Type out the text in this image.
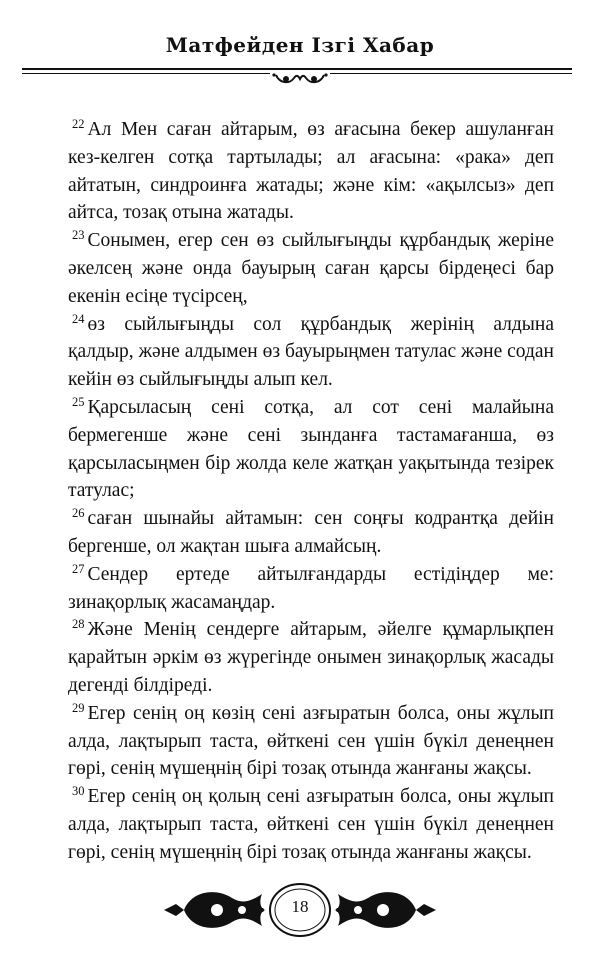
Матфейден Ізгі Хабар
$^{22}$ Ал Мен саған айтарым, өз ағасына бекер ашуланған
кез-келген сотқа тартылады; ал ағасына: «рака» деп
айтатын, синдроинға жатады; және кім: «ақылсыз» деп
айтса, тозақ отына жатады.
$^{23}$ Сонымен, егер сен өз сыйлығыңды құрбандық жеріне
әкелсең және онда бауырың саған қарсы бірдеңесі бар
екенін есіңе түсірсең,
$^{24}$ өз сыйлығыңды сол құрбандық жерінің алдына
қалдыр, және алдымен өз бауырыңмен татулас және содан
кейін өз сыйлығыңды алып кел.
$^{25}$ Қарсыласың сені сотқа, ал сот сені малайына
бермегенше және сені зынданға тастамағанша, өз
қарсыласыңмен бір жолда келе жатқан уақытында тезірек
татулас;
$^{26}$ саған шынайы айтамын: сен соңғы кодрантқа дейін
бергенше, ол жақтан шыға алмайсың.
$^{27}$ Сендер ертеде айтылғандарды естідіңдер ме:
зинақорлық жасамаңдар.
$^{28}$ Және Менің сендерге айтарым, әйелге құмарлықпен
қарайтын әркім өз жүрегінде онымен зинақорлық жасады
дегенді білдіреді.
$^{29}$ Егер сенің оң көзің сені азғыратын болса, оны жұлып
алда, лақтырып таста, өйткені сен үшін бүкіл денеңнен
гөрі, сенің мүшеңнің бірі тозақ отында жанғаны жақсы.
$^{30}$ Егер сенің оң қолың сені азғыратын болса, оны жұлып
алда, лақтырып таста, өйткені сен үшін бүкіл денеңнен
гөрі, сенің мүшеңнің бірі тозақ отында жанғаны жақсы.
18
